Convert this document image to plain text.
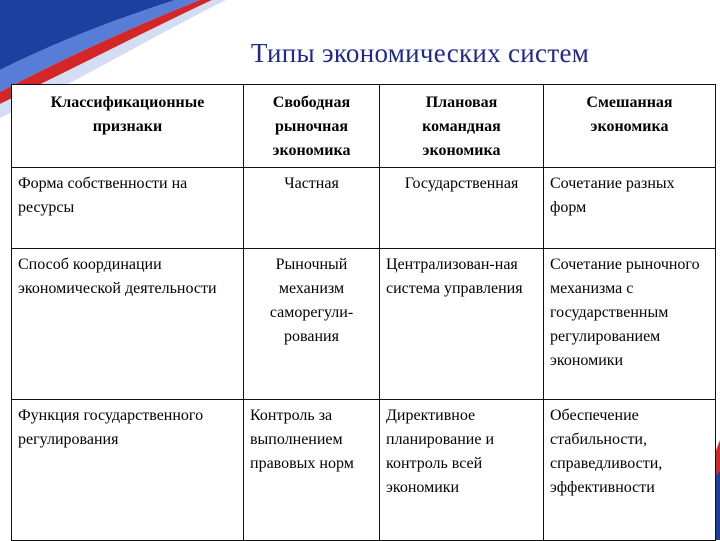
Типы экономических систем
Классификационные признаки	Свободная рыночная экономика	Плановая командная экономика	Смешанная экономика
Форма собственности на ресурсы	Частная	Государственная	Сочетание разных форм
Способ координации экономической деятельности	Рыночный механизм саморегули-рования	Централизован-ная система управления	Сочетание рыночного механизма с государственным регулированием экономики
Функция государственного регулирования	Контроль за выполнением правовых норм	Директивное планирование и контроль всей экономики	Обеспечение стабильности, справедливости, эффективности
